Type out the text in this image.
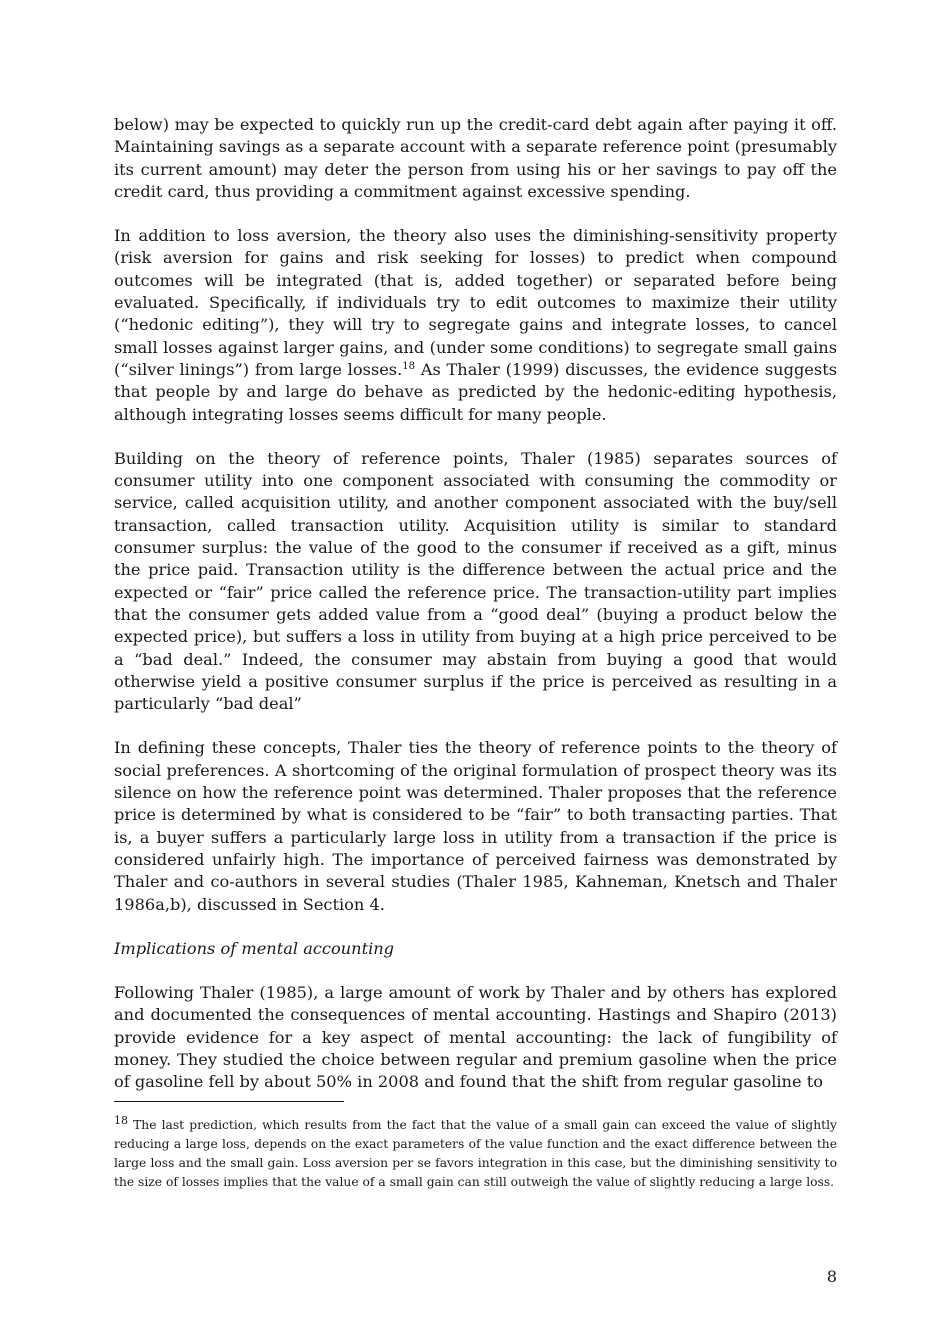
below) may be expected to quickly run up the credit-card debt again after paying it off. Maintaining savings as a separate account with a separate reference point (presumably its current amount) may deter the person from using his or her savings to pay off the credit card, thus providing a commitment against excessive spending.

In addition to loss aversion, the theory also uses the diminishing-sensitivity property (risk aversion for gains and risk seeking for losses) to predict when compound outcomes will be integrated (that is, added together) or separated before being evaluated. Specifically, if individuals try to edit outcomes to maximize their utility (“hedonic editing”), they will try to segregate gains and integrate losses, to cancel small losses against larger gains, and (under some conditions) to segregate small gains (“silver linings”) from large losses.$^{18}$ As Thaler (1999) discusses, the evidence suggests that people by and large do behave as predicted by the hedonic-editing hypothesis, although integrating losses seems difficult for many people.

Building on the theory of reference points, Thaler (1985) separates sources of consumer utility into one component associated with consuming the commodity or service, called acquisition utility, and another component associated with the buy/sell transaction, called transaction utility. Acquisition utility is similar to standard consumer surplus: the value of the good to the consumer if received as a gift, minus the price paid. Transaction utility is the difference between the actual price and the expected or “fair” price called the reference price. The transaction-utility part implies that the consumer gets added value from a “good deal” (buying a product below the expected price), but suffers a loss in utility from buying at a high price perceived to be a “bad deal.” Indeed, the consumer may abstain from buying a good that would otherwise yield a positive consumer surplus if the price is perceived as resulting in a particularly “bad deal”

In defining these concepts, Thaler ties the theory of reference points to the theory of social preferences. A shortcoming of the original formulation of prospect theory was its silence on how the reference point was determined. Thaler proposes that the reference price is determined by what is considered to be “fair” to both transacting parties. That is, a buyer suffers a particularly large loss in utility from a transaction if the price is considered unfairly high. The importance of perceived fairness was demonstrated by Thaler and co-authors in several studies (Thaler 1985, Kahneman, Knetsch and Thaler 1986a,b), discussed in Section 4.

Implications of mental accounting

Following Thaler (1985), a large amount of work by Thaler and by others has explored and documented the consequences of mental accounting. Hastings and Shapiro (2013) provide evidence for a key aspect of mental accounting: the lack of fungibility of money. They studied the choice between regular and premium gasoline when the price of gasoline fell by about 50% in 2008 and found that the shift from regular gasoline to

$^{18}$ The last prediction, which results from the fact that the value of a small gain can exceed the value of slightly reducing a large loss, depends on the exact parameters of the value function and the exact difference between the large loss and the small gain. Loss aversion per se favors integration in this case, but the diminishing sensitivity to the size of losses implies that the value of a small gain can still outweigh the value of slightly reducing a large loss.

8
